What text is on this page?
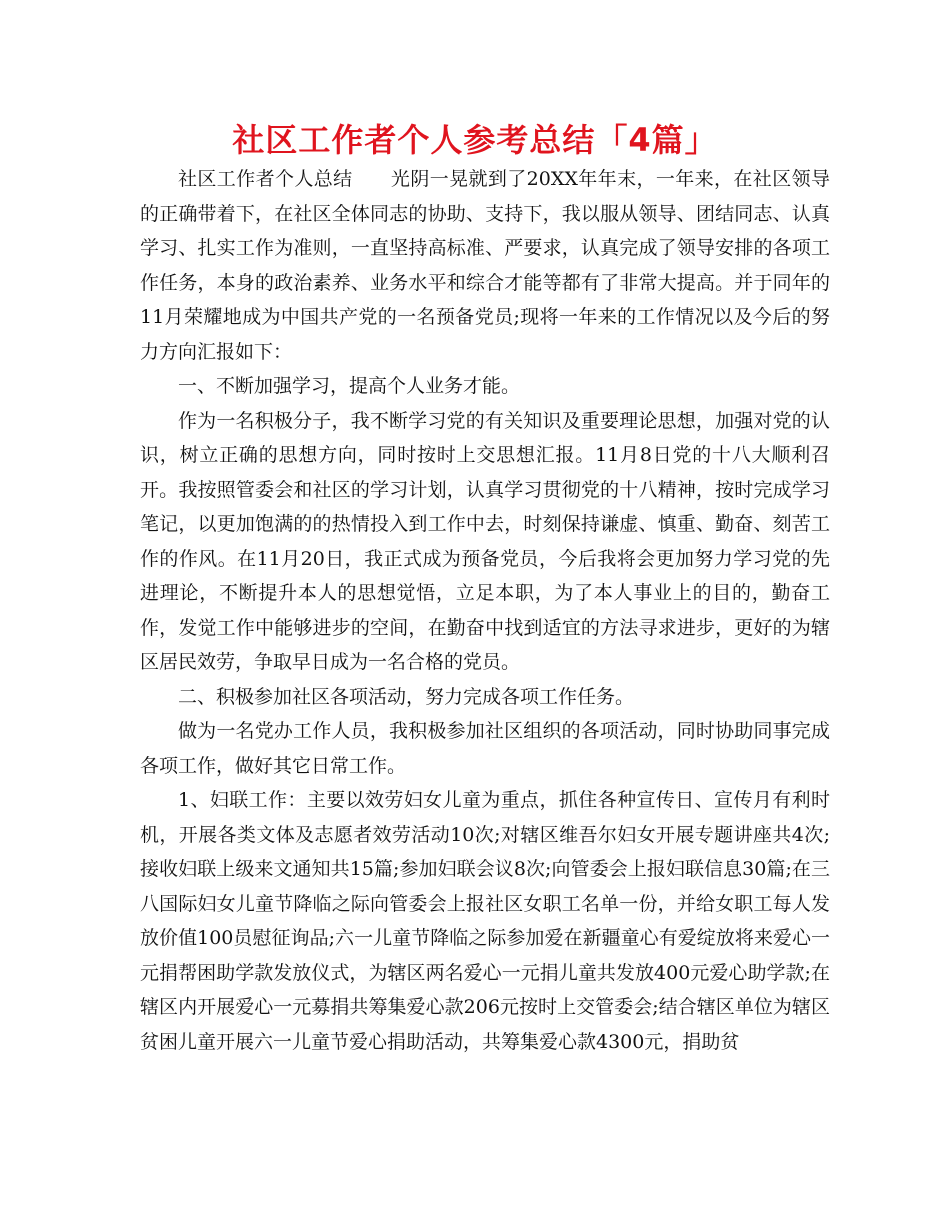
社区工作者个人参考总结「4篇」

社区工作者个人总结 光阴一晃就到了20XX年年末，一年来，在社区领导的正确带着下，在社区全体同志的协助、支持下，我以服从领导、团结同志、认真学习、扎实工作为准则，一直坚持高标准、严要求，认真完成了领导安排的各项工作任务，本身的政治素养、业务水平和综合才能等都有了非常大提高。并于同年的11月荣耀地成为中国共产党的一名预备党员;现将一年来的工作情况以及今后的努力方向汇报如下：

一、不断加强学习，提高个人业务才能。

作为一名积极分子，我不断学习党的有关知识及重要理论思想，加强对党的认识，树立正确的思想方向，同时按时上交思想汇报。11月8日党的十八大顺利召开。我按照管委会和社区的学习计划，认真学习贯彻党的十八精神，按时完成学习笔记，以更加饱满的的热情投入到工作中去，时刻保持谦虚、慎重、勤奋、刻苦工作的作风。在11月20日，我正式成为预备党员，今后我将会更加努力学习党的先进理论，不断提升本人的思想觉悟，立足本职，为了本人事业上的目的，勤奋工作，发觉工作中能够进步的空间，在勤奋中找到适宜的方法寻求进步，更好的为辖区居民效劳，争取早日成为一名合格的党员。

二、积极参加社区各项活动，努力完成各项工作任务。

做为一名党办工作人员，我积极参加社区组织的各项活动，同时协助同事完成各项工作，做好其它日常工作。

1、妇联工作：主要以效劳妇女儿童为重点，抓住各种宣传日、宣传月有利时机，开展各类文体及志愿者效劳活动10次;对辖区维吾尔妇女开展专题讲座共4次;接收妇联上级来文通知共15篇;参加妇联会议8次;向管委会上报妇联信息30篇;在三八国际妇女儿童节降临之际向管委会上报社区女职工名单一份，并给女职工每人发放价值100员慰征询品;六一儿童节降临之际参加爱在新疆童心有爱绽放将来爱心一元捐帮困助学款发放仪式，为辖区两名爱心一元捐儿童共发放400元爱心助学款;在辖区内开展爱心一元募捐共筹集爱心款206元按时上交管委会;结合辖区单位为辖区贫困儿童开展六一儿童节爱心捐助活动，共筹集爱心款4300元，捐助贫
